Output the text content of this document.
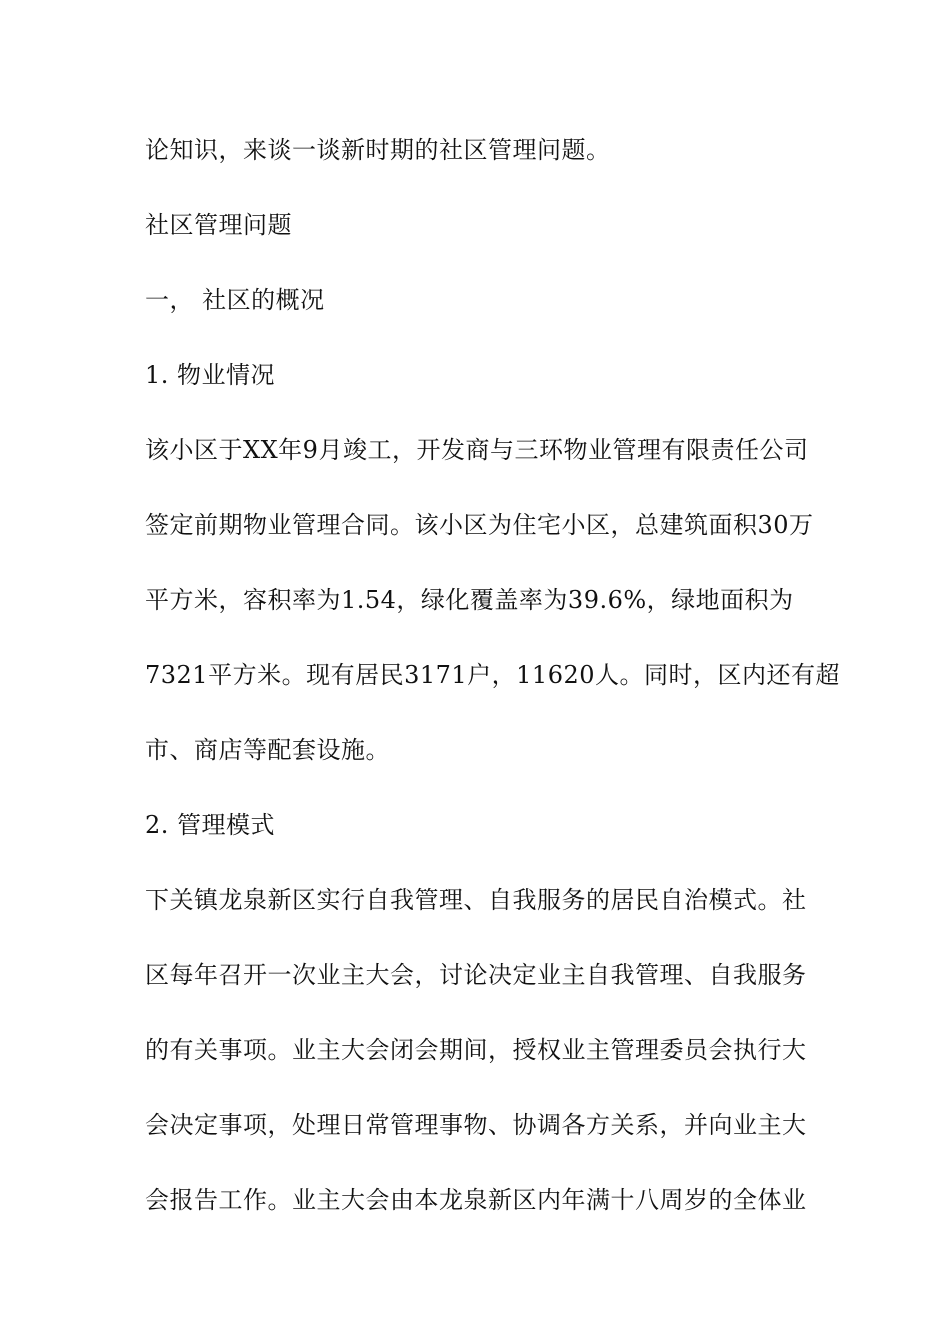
论知识，来谈一谈新时期的社区管理问题。
社区管理问题
一， 社区的概况
1. 物业情况
该小区于XX年9月竣工，开发商与三环物业管理有限责任公司
签定前期物业管理合同。该小区为住宅小区，总建筑面积30万
平方米，容积率为1.54，绿化覆盖率为39.6%，绿地面积为
7321平方米。现有居民3171户，11620人。同时，区内还有超
市、商店等配套设施。
2. 管理模式
下关镇龙泉新区实行自我管理、自我服务的居民自治模式。社
区每年召开一次业主大会，讨论决定业主自我管理、自我服务
的有关事项。业主大会闭会期间，授权业主管理委员会执行大
会决定事项，处理日常管理事物、协调各方关系，并向业主大
会报告工作。业主大会由本龙泉新区内年满十八周岁的全体业
